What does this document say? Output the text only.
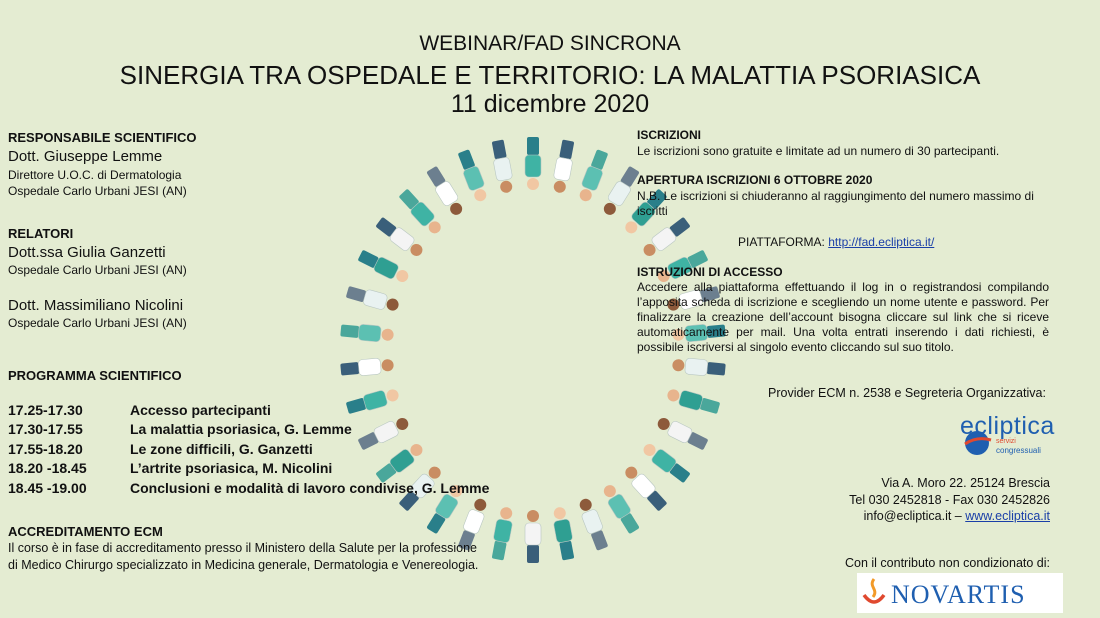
WEBINAR/FAD SINCRONA
SINERGIA TRA OSPEDALE E TERRITORIO: LA MALATTIA PSORIASICA
11 dicembre 2020
RESPONSABILE SCIENTIFICO
Dott. Giuseppe Lemme
Direttore U.O.C. di Dermatologia
Ospedale Carlo Urbani JESI (AN)
RELATORI
Dott.ssa Giulia Ganzetti
Ospedale Carlo Urbani JESI (AN)
Dott. Massimiliano Nicolini
Ospedale Carlo Urbani JESI (AN)
PROGRAMMA SCIENTIFICO
17.25-17.30	Accesso partecipanti
17.30-17.55	La malattia psoriasica, G. Lemme
17.55-18.20	Le zone difficili, G. Ganzetti
18.20 -18.45	L’artrite psoriasica, M. Nicolini
18.45 -19.00	Conclusioni e modalità di lavoro condivise, G. Lemme
ACCREDITAMENTO ECM
Il corso è in fase di accreditamento presso il Ministero della Salute per la professione
di Medico Chirurgo specializzato in Medicina generale, Dermatologia e Venereologia.
ISCRIZIONI
Le iscrizioni sono gratuite e limitate ad un numero di 30 partecipanti.
APERTURA ISCRIZIONI 6 OTTOBRE 2020
N.B. Le iscrizioni si chiuderanno al raggiungimento del numero massimo di iscritti
PIATTAFORMA: http://fad.ecliptica.it/
ISTRUZIONI DI ACCESSO
Accedere alla piattaforma effettuando il log in o registrandosi compilando l’apposita scheda di iscrizione e scegliendo un nome utente e password. Per finalizzare la creazione dell’account bisogna cliccare sul link che si riceve automaticamente per mail. Una volta entrati inserendo i dati richiesti, è possibile iscriversi al singolo evento cliccando sul suo titolo.
Provider ECM n. 2538 e Segreteria Organizzativa:
ecliptica
servizi
congressuali
Via A. Moro 22. 25124 Brescia
Tel 030 2452818 - Fax 030 2452826
info@ecliptica.it – www.ecliptica.it
Con il contributo non condizionato di:
NOVARTIS
